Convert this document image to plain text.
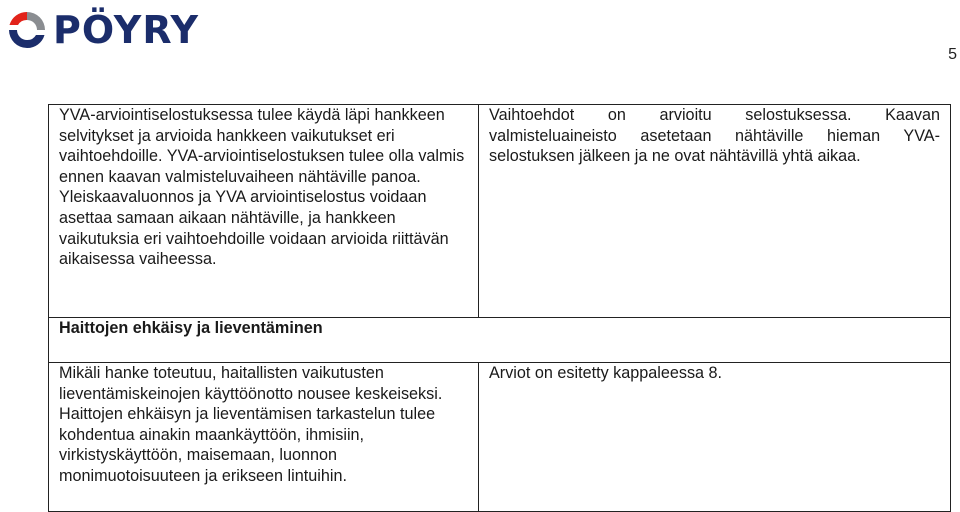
PÖYRY
5

YVA-arviointiselostuksessa tulee käydä läpi hankkeen selvitykset ja arvioida hankkeen vaikutukset eri vaihtoehdoille. YVA-arviointiselostuksen tulee olla valmis ennen kaavan valmisteluvaiheen nähtäville panoa. Yleiskaavaluonnos ja YVA arviointiselostus voidaan asettaa samaan aikaan nähtäville, ja hankkeen vaikutuksia eri vaihtoehdoille voidaan arvioida riittävän aikaisessa vaiheessa.	Vaihtoehdot on arvioitu selostuksessa. Kaavan valmisteluaineisto asetetaan nähtäville hieman YVA-selostuksen jälkeen ja ne ovat nähtävillä yhtä aikaa.

Haittojen ehkäisy ja lieventäminen	

Mikäli hanke toteutuu, haitallisten vaikutusten lieventämiskeinojen käyttöönotto nousee keskeiseksi. Haittojen ehkäisyn ja lieventämisen tarkastelun tulee kohdentua ainakin maankäyttöön, ihmisiin, virkistyskäyttöön, maisemaan, luonnon monimuotoisuuteen ja erikseen lintuihin.	Arviot on esitetty kappaleessa 8.
